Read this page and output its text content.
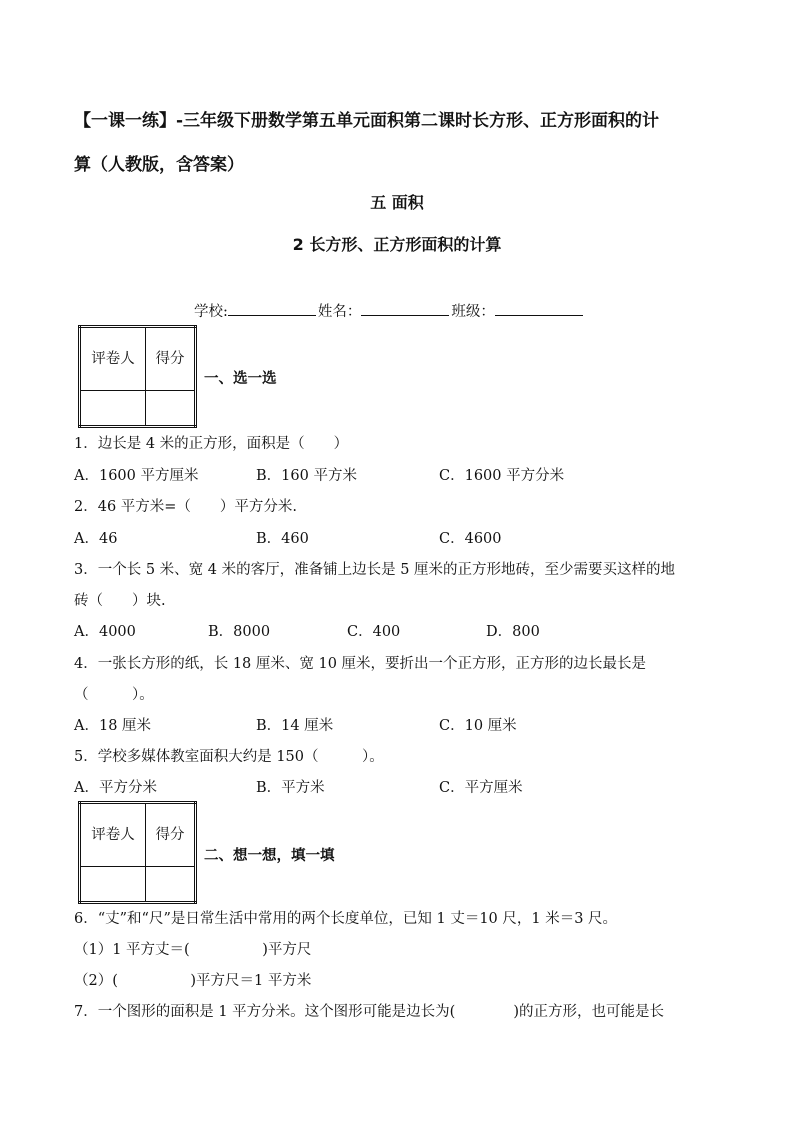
【一课一练】-三年级下册数学第五单元面积第二课时长方形、正方形面积的计
算（人教版，含答案）
五 面积
2 长方形、正方形面积的计算
学校:	姓名：	班级：
评卷人	得分

一、选一选
1．边长是 4 米的正方形，面积是（　　）
A．1600 平方厘米	B．160 平方米	C．1600 平方分米
2．46 平方米=（　　）平方分米.
A．46	B．460	C．4600
3．一个长 5 米、宽 4 米的客厅，准备铺上边长是 5 厘米的正方形地砖，至少需要买这样的地
砖（　　）块.
A．4000	B．8000	C．400	D．800
4．一张长方形的纸，长 18 厘米、宽 10 厘米，要折出一个正方形，正方形的边长最长是
（　　　）。
A．18 厘米	B．14 厘米	C．10 厘米
5．学校多媒体教室面积大约是 150（　　　）。
A．平方分米	B．平方米	C．平方厘米
评卷人	得分

二、想一想，填一填
6．“丈”和“尺”是日常生活中常用的两个长度单位，已知 1 丈＝10 尺，1 米＝3 尺。
（1）1 平方丈＝(　　　　　)平方尺
（2）(　　　　　)平方尺＝1 平方米
7．一个图形的面积是 1 平方分米。这个图形可能是边长为(　　　　)的正方形，也可能是长
